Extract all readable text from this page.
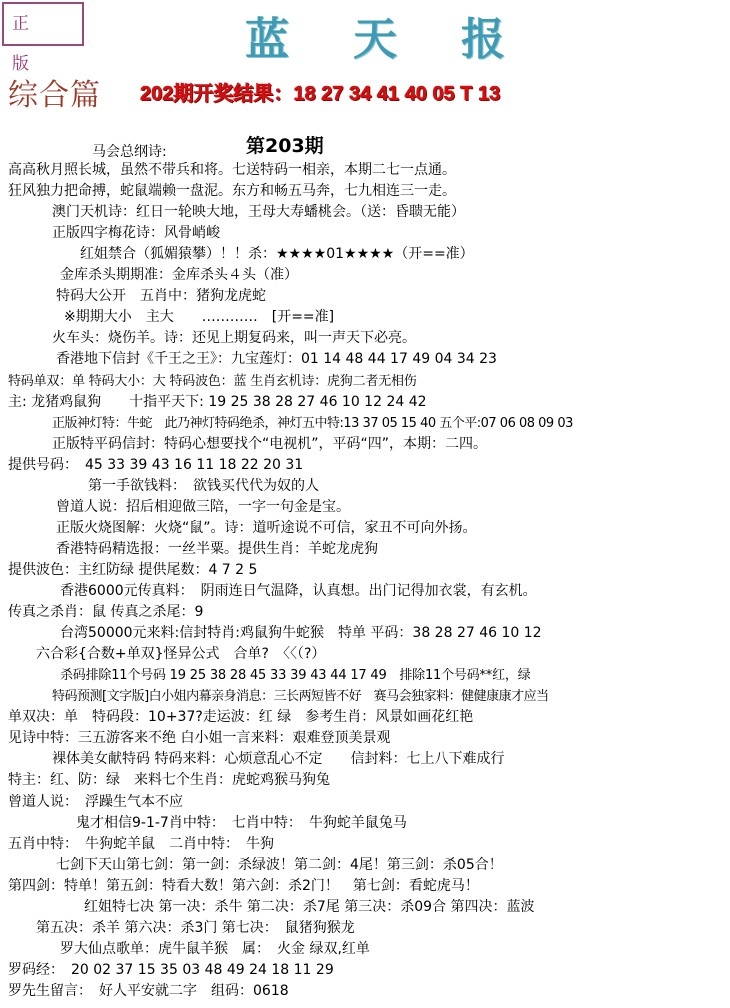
正 版	蓝 天 报
综合篇 202期开奖结果：18 27 34 41 40 05 T 13
马会总纲诗:	第203期
高高秋月照长城，虽然不带兵和将。七送特码一相亲，本期二七一点通。
狂风独力把命搏，蛇鼠端赖一盘泥。东方和畅五马奔，七九相连三一走。
澳门天机诗：红日一轮映大地，王母大寿蟠桃会。（送：昏聩无能）
正版四字梅花诗：风骨峭峻
红姐禁合（狐媚猿攀）！！杀：★★★★01★★★★（开==准）
金库杀头期期准：金库杀头４头（准）
特码大公开　五肖中：猪狗龙虎蛇
※期期大小　主大　　…………　[开==准]
火车头：烧伤羊。诗：还见上期复码来，叫一声天下必亮。
香港地下信封《千王之王》：九宝莲灯：01 14 48 44 17 49 04 34 23
特码单双：单 特码大小：大 特码波色：蓝 生肖玄机诗：虎狗二者无相伤
主: 龙猪鸡鼠狗　　十指平天下: 19 25 38 28 27 46 10 12 24 42
正版神灯特：牛蛇　此乃神灯特码绝杀，神灯五中特:13 37 05 15 40 五个平:07 06 08 09 03
正版特平码信封：特码心想要找个“电视机”，平码“四”，本期：二四。
提供号码：　45 33 39 43 16 11 18 22 20 31
第一手欲钱料：　欲钱买代代为奴的人
曾道人说：招后相迎做三陪，一字一句金是宝。
正版火烧图解：火烧“鼠”。诗：道听途说不可信，家丑不可向外扬。
香港特码精选报：一丝半粟。提供生肖：羊蛇龙虎狗
提供波色：主红防绿 提供尾数：4 7 2 5
香港6000元传真料：　阴雨连日气温降，认真想。出门记得加衣裳，有玄机。
传真之杀肖：鼠 传真之杀尾：9
台湾50000元来料:信封特肖:鸡鼠狗牛蛇猴　特单 平码：38 28 27 46 10 12
六合彩{合数+单双}怪异公式　合单?　〈〈（?）
杀码排除11个号码 19 25 38 28 45 33 39 43 44 17 49　排除11个号码**红，绿
特码预测[文字版]白小姐内幕亲身消息：三长两短皆不好　赛马会独家料：健健康康才应当
单双决：单　特码段：10+37?走运波：红 绿　参考生肖：风景如画花红艳
见诗中特：三五游客来不绝 白小姐一言来料：艰难登顶美景观
裸体美女献特码 特码来料：心烦意乱心不定　　信封料：七上八下难成行
特主：红、防：绿　来料七个生肖：虎蛇鸡猴马狗兔
曾道人说：　浮躁生气本不应
鬼才相信9-1-7肖中特：　七肖中特：　牛狗蛇羊鼠兔马
五肖中特：　牛狗蛇羊鼠　二肖中特：　牛狗
七剑下天山第七剑：第一剑：杀绿波！第二剑：4尾！第三剑：杀05合！
第四剑：特单！第五剑：特看大数！第六剑：杀2门！　第七剑：看蛇虎马！
红姐特七决 第一决：杀牛 第二决：杀7尾 第三决：杀09合 第四决：蓝波
第五决：杀羊 第六决：杀3门 第七决：　鼠猪狗猴龙
罗大仙点歌单：虎牛鼠羊猴　属：　火金 绿双,红单
罗码经：　20 02 37 15 35 03 48 49 24 18 11 29
罗先生留言：　好人平安就二字　组码：0618
